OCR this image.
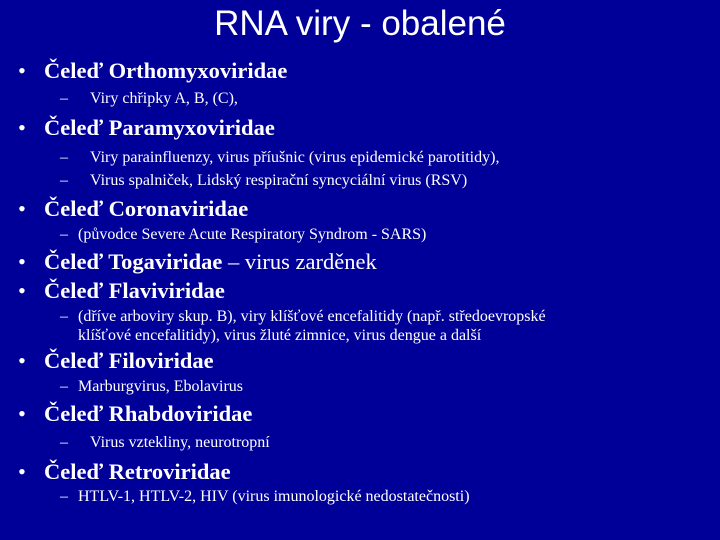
RNA viry - obalené
• Čeleď Orthomyxoviridae
– Viry chřipky A, B, (C),
• Čeleď Paramyxoviridae
– Viry parainfluenzy, virus příušnic (virus epidemické parotitidy),
– Virus spalniček, Lidský respirační syncyciální virus (RSV)
• Čeleď Coronaviridae
– (původce Severe Acute Respiratory Syndrom - SARS)
• Čeleď Togaviridae – virus zarděnek
• Čeleď Flaviviridae
– (dříve arboviry skup. B), viry klíšťové encefalitidy (např. středoevropské
klíšťové encefalitidy), virus žluté zimnice, virus dengue a další
• Čeleď Filoviridae
– Marburgvirus, Ebolavirus
• Čeleď Rhabdoviridae
– Virus vztekliny, neurotropní
• Čeleď Retroviridae
– HTLV-1, HTLV-2, HIV (virus imunologické nedostatečnosti)
